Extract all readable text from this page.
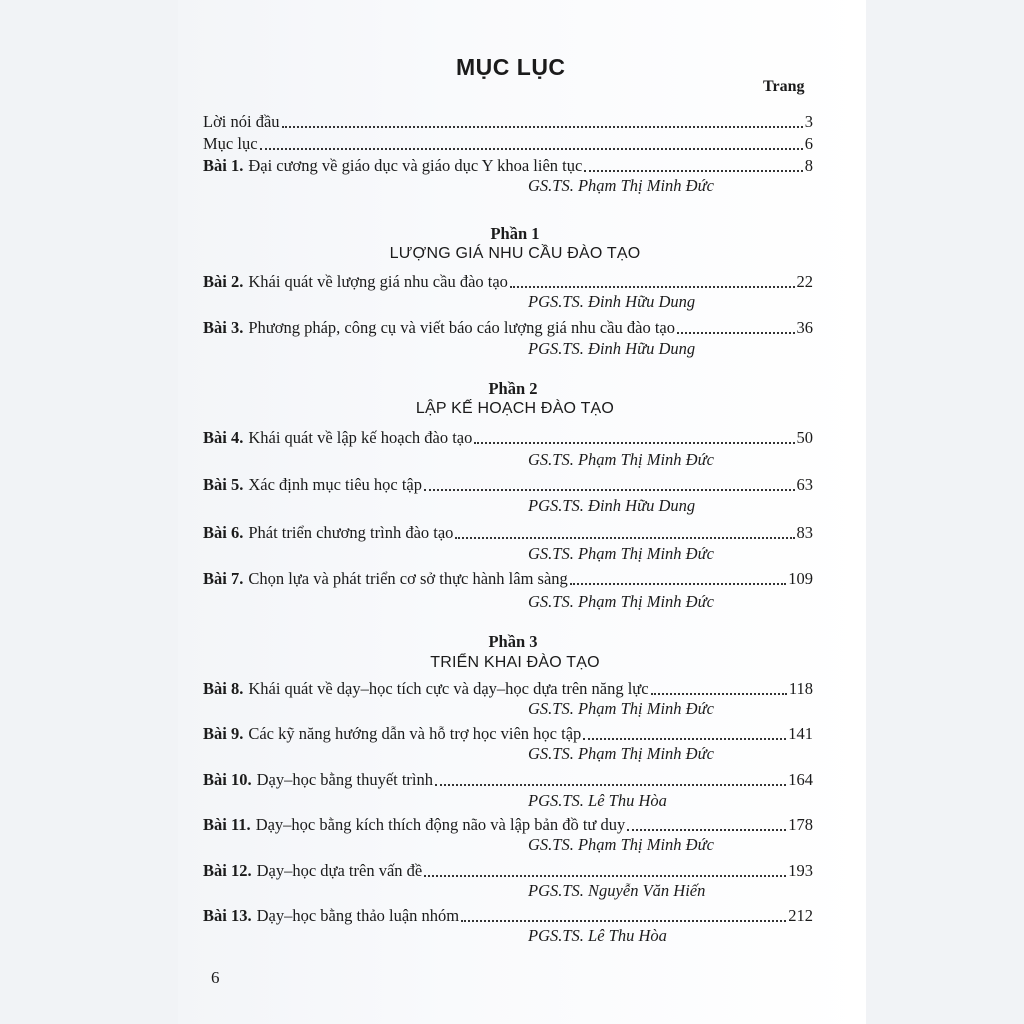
MỤC LỤC
Trang
Lời nói đầu	3
Mục lục	6
Bài 1. Đại cương về giáo dục và giáo dục Y khoa liên tục	8
GS.TS. Phạm Thị Minh Đức
Phần 1
LƯỢNG GIÁ NHU CẦU ĐÀO TẠO
Bài 2. Khái quát về lượng giá nhu cầu đào tạo	22
PGS.TS. Đinh Hữu Dung
Bài 3. Phương pháp, công cụ và viết báo cáo lượng giá nhu cầu đào tạo	36
PGS.TS. Đinh Hữu Dung
Phần 2
LẬP KẾ HOẠCH ĐÀO TẠO
Bài 4. Khái quát về lập kế hoạch đào tạo	50
GS.TS. Phạm Thị Minh Đức
Bài 5. Xác định mục tiêu học tập	63
PGS.TS. Đinh Hữu Dung
Bài 6. Phát triển chương trình đào tạo	83
GS.TS. Phạm Thị Minh Đức
Bài 7. Chọn lựa và phát triển cơ sở thực hành lâm sàng	109
GS.TS. Phạm Thị Minh Đức
Phần 3
TRIỂN KHAI ĐÀO TẠO
Bài 8. Khái quát về dạy–học tích cực và dạy–học dựa trên năng lực	118
GS.TS. Phạm Thị Minh Đức
Bài 9. Các kỹ năng hướng dẫn và hỗ trợ học viên học tập	141
GS.TS. Phạm Thị Minh Đức
Bài 10. Dạy–học bằng thuyết trình	164
PGS.TS. Lê Thu Hòa
Bài 11. Dạy–học bằng kích thích động não và lập bản đồ tư duy	178
GS.TS. Phạm Thị Minh Đức
Bài 12. Dạy–học dựa trên vấn đề	193
PGS.TS. Nguyễn Văn Hiến
Bài 13. Dạy–học bằng thảo luận nhóm	212
PGS.TS. Lê Thu Hòa
6
